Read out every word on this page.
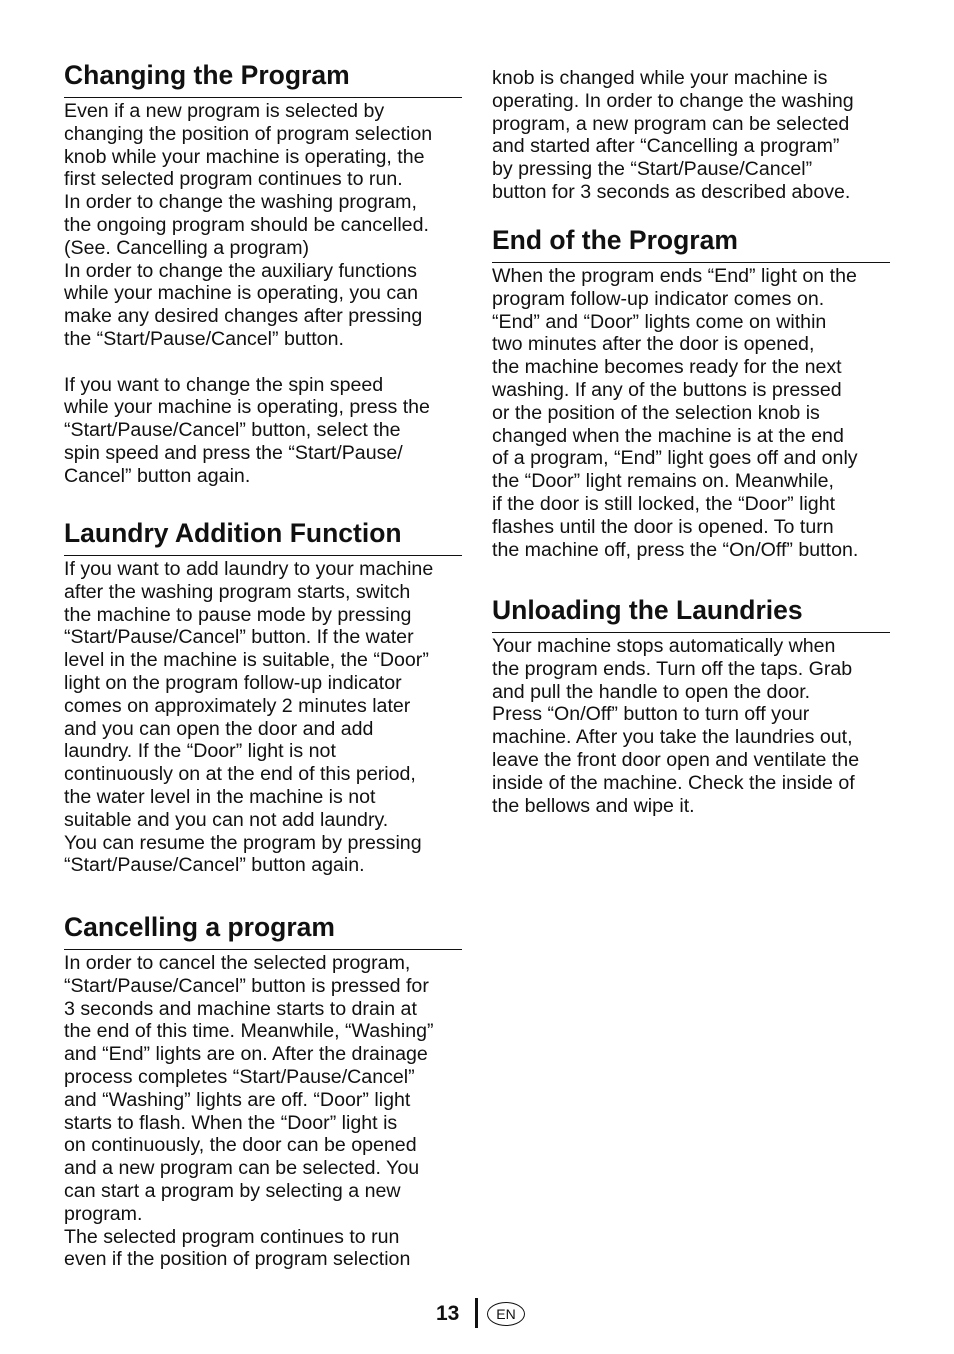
Changing the Program
Even if a new program is selected by
changing the position of program selection
knob while your machine is operating, the
first selected program continues to run.
In order to change the washing program,
the ongoing program should be cancelled.
(See. Cancelling a program)
In order to change the auxiliary functions
while your machine is operating, you can
make any desired changes after pressing
the “Start/Pause/Cancel” button.
If you want to change the spin speed
while your machine is operating, press the
“Start/Pause/Cancel” button, select the
spin speed and press the “Start/Pause/
Cancel” button again.
Laundry Addition Function
If you want to add laundry to your machine
after the washing program starts, switch
the machine to pause mode by pressing
“Start/Pause/Cancel” button. If the water
level in the machine is suitable, the “Door”
light on the program follow-up indicator
comes on approximately 2 minutes later
and you can open the door and add
laundry. If the “Door” light is not
continuously on at the end of this period,
the water level in the machine is not
suitable and you can not add laundry.
You can resume the program by pressing
“Start/Pause/Cancel” button again.
Cancelling a program
In order to cancel the selected program,
“Start/Pause/Cancel” button is pressed for
3 seconds and machine starts to drain at
the end of this time. Meanwhile, “Washing”
and “End” lights are on. After the drainage
process completes “Start/Pause/Cancel”
and “Washing” lights are off. “Door” light
starts to flash. When the “Door” light is
on continuously, the door can be opened
and a new program can be selected. You
can start a program by selecting a new
program.
The selected program continues to run
even if the position of program selection
knob is changed while your machine is
operating. In order to change the washing
program, a new program can be selected
and started after “Cancelling a program”
by pressing the “Start/Pause/Cancel”
button for 3 seconds as described above.
End of the Program
When the program ends “End” light on the
program follow-up indicator comes on.
“End” and “Door” lights come on within
two minutes after the door is opened,
the machine becomes ready for the next
washing. If any of the buttons is pressed
or the position of the selection knob is
changed when the machine is at the end
of a program, “End” light goes off and only
the “Door” light remains on. Meanwhile,
if the door is still locked, the “Door” light
flashes until the door is opened. To turn
the machine off, press the “On/Off” button.
Unloading the Laundries
Your machine stops automatically when
the program ends. Turn off the taps. Grab
and pull the handle to open the door.
Press “On/Off” button to turn off your
machine. After you take the laundries out,
leave the front door open and ventilate the
inside of the machine. Check the inside of
the bellows and wipe it.
13	EN
